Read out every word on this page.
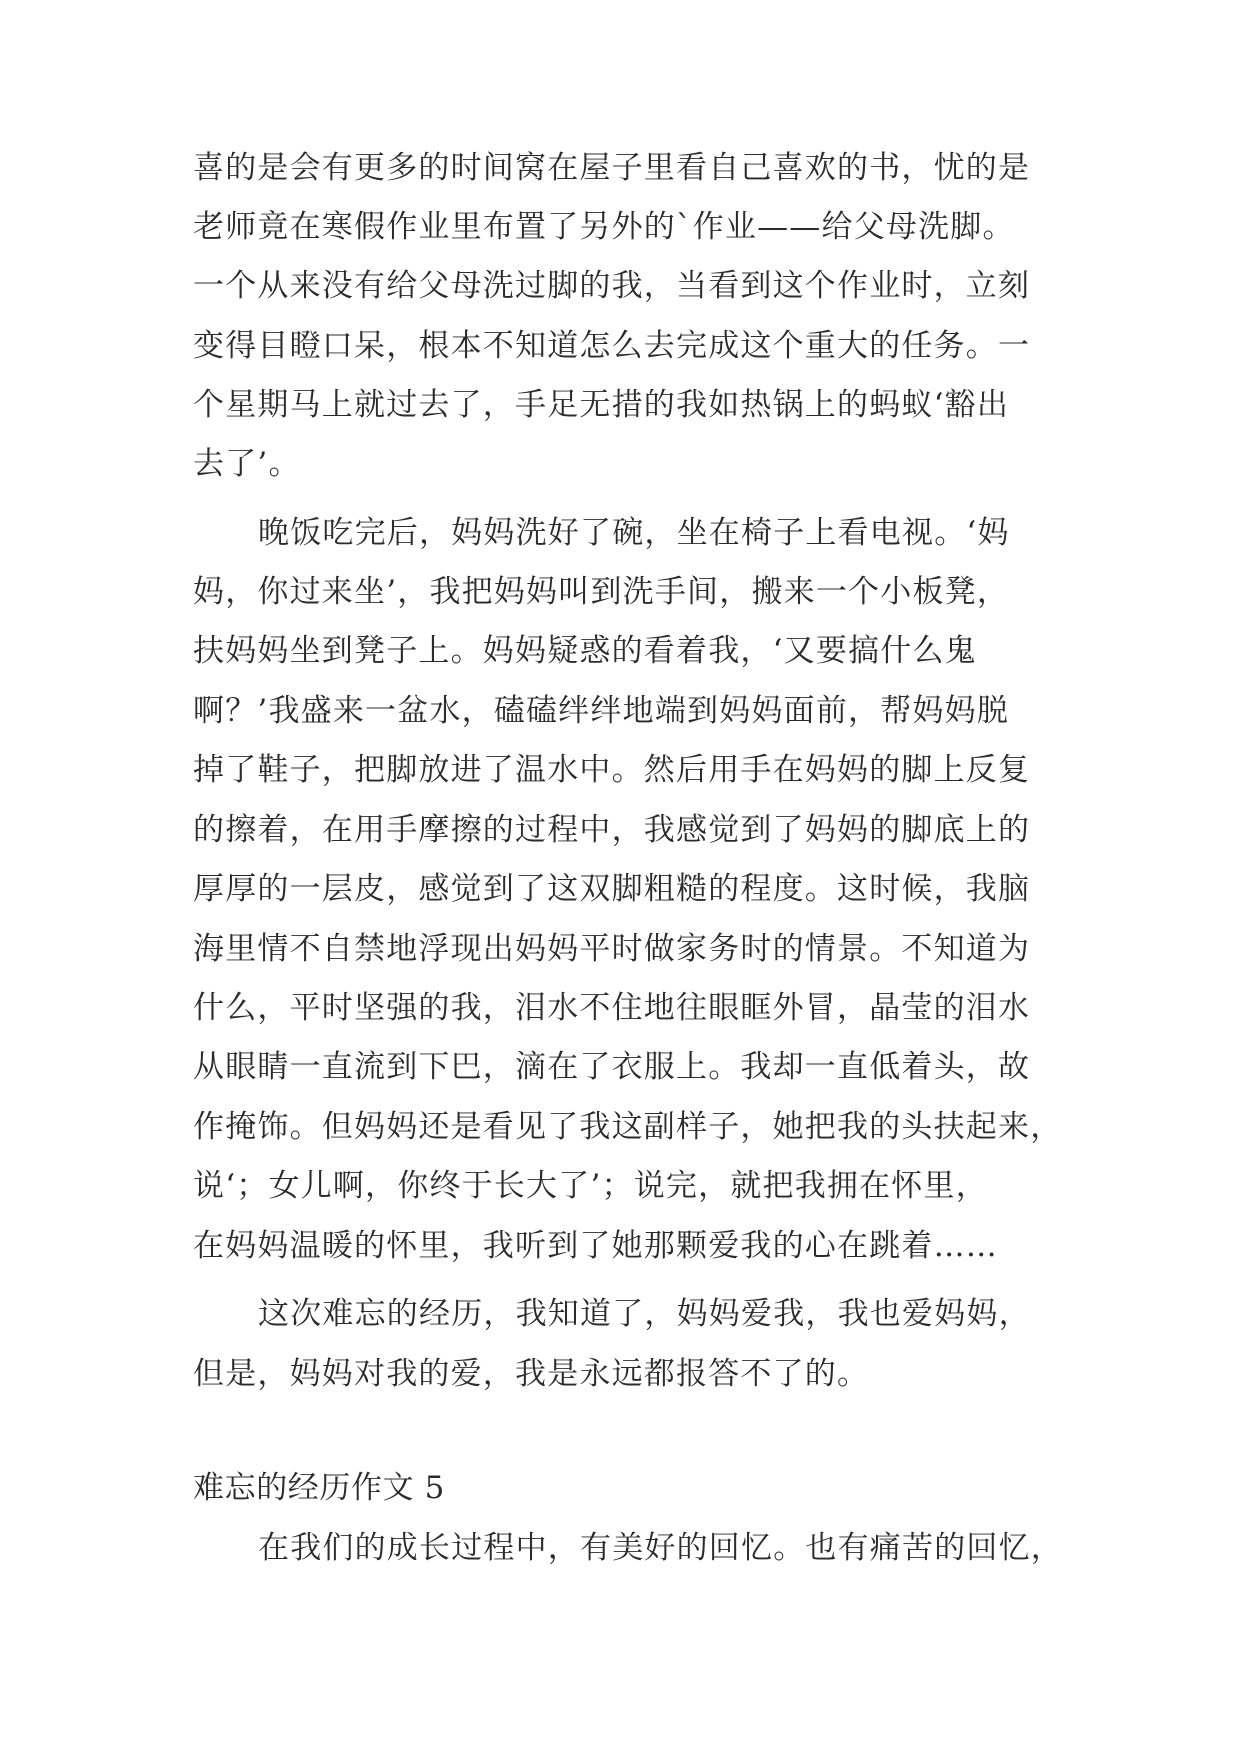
喜的是会有更多的时间窝在屋子里看自己喜欢的书，忧的是
老师竟在寒假作业里布置了另外的`作业——给父母洗脚。
一个从来没有给父母洗过脚的我，当看到这个作业时，立刻
变得目瞪口呆，根本不知道怎么去完成这个重大的任务。一
个星期马上就过去了，手足无措的我如热锅上的蚂蚁‘豁出
去了’。
晚饭吃完后，妈妈洗好了碗，坐在椅子上看电视。‘妈
妈，你过来坐’，我把妈妈叫到洗手间，搬来一个小板凳，
扶妈妈坐到凳子上。妈妈疑惑的看着我，‘又要搞什么鬼
啊？’我盛来一盆水，磕磕绊绊地端到妈妈面前，帮妈妈脱
掉了鞋子，把脚放进了温水中。然后用手在妈妈的脚上反复
的擦着，在用手摩擦的过程中，我感觉到了妈妈的脚底上的
厚厚的一层皮，感觉到了这双脚粗糙的程度。这时候，我脑
海里情不自禁地浮现出妈妈平时做家务时的情景。不知道为
什么，平时坚强的我，泪水不住地往眼眶外冒，晶莹的泪水
从眼睛一直流到下巴，滴在了衣服上。我却一直低着头，故
作掩饰。但妈妈还是看见了我这副样子，她把我的头扶起来，
说‘；女儿啊，你终于长大了’；说完，就把我拥在怀里，
在妈妈温暖的怀里，我听到了她那颗爱我的心在跳着……
这次难忘的经历，我知道了，妈妈爱我，我也爱妈妈，
但是，妈妈对我的爱，我是永远都报答不了的。
难忘的经历作文 5
在我们的成长过程中，有美好的回忆。也有痛苦的回忆，
